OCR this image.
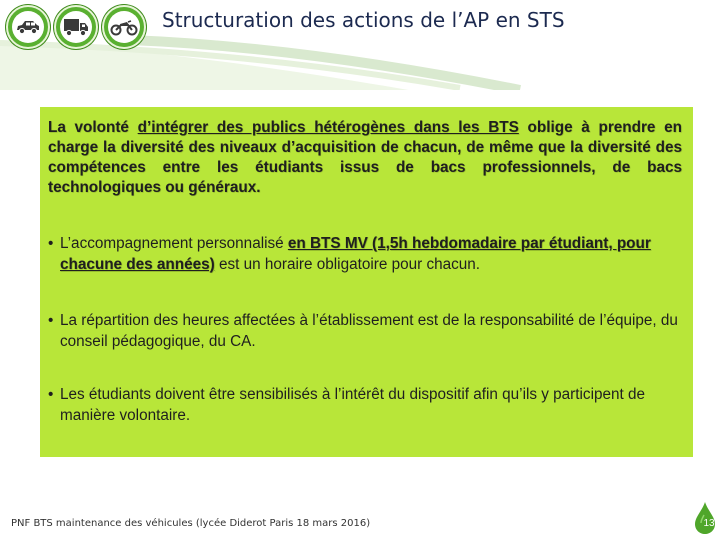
Structuration des actions de l’AP en STS
La volonté d’intégrer des publics hétérogènes dans les BTS oblige à prendre en charge la diversité des niveaux d’acquisition de chacun, de même que la diversité des compétences entre les étudiants issus de bacs professionnels, de bacs technologiques ou généraux.
• L’accompagnement personnalisé en BTS MV (1,5h hebdomadaire par étudiant, pour chacune des années) est un horaire obligatoire pour chacun.
• La répartition des heures affectées à l’établissement est de la responsabilité de l’équipe, du conseil pédagogique, du CA.
• Les étudiants doivent être sensibilisés à l’intérêt du dispositif afin qu’ils y participent de manière volontaire.
PNF BTS maintenance des véhicules (lycée Diderot Paris 18 mars 2016)	13
